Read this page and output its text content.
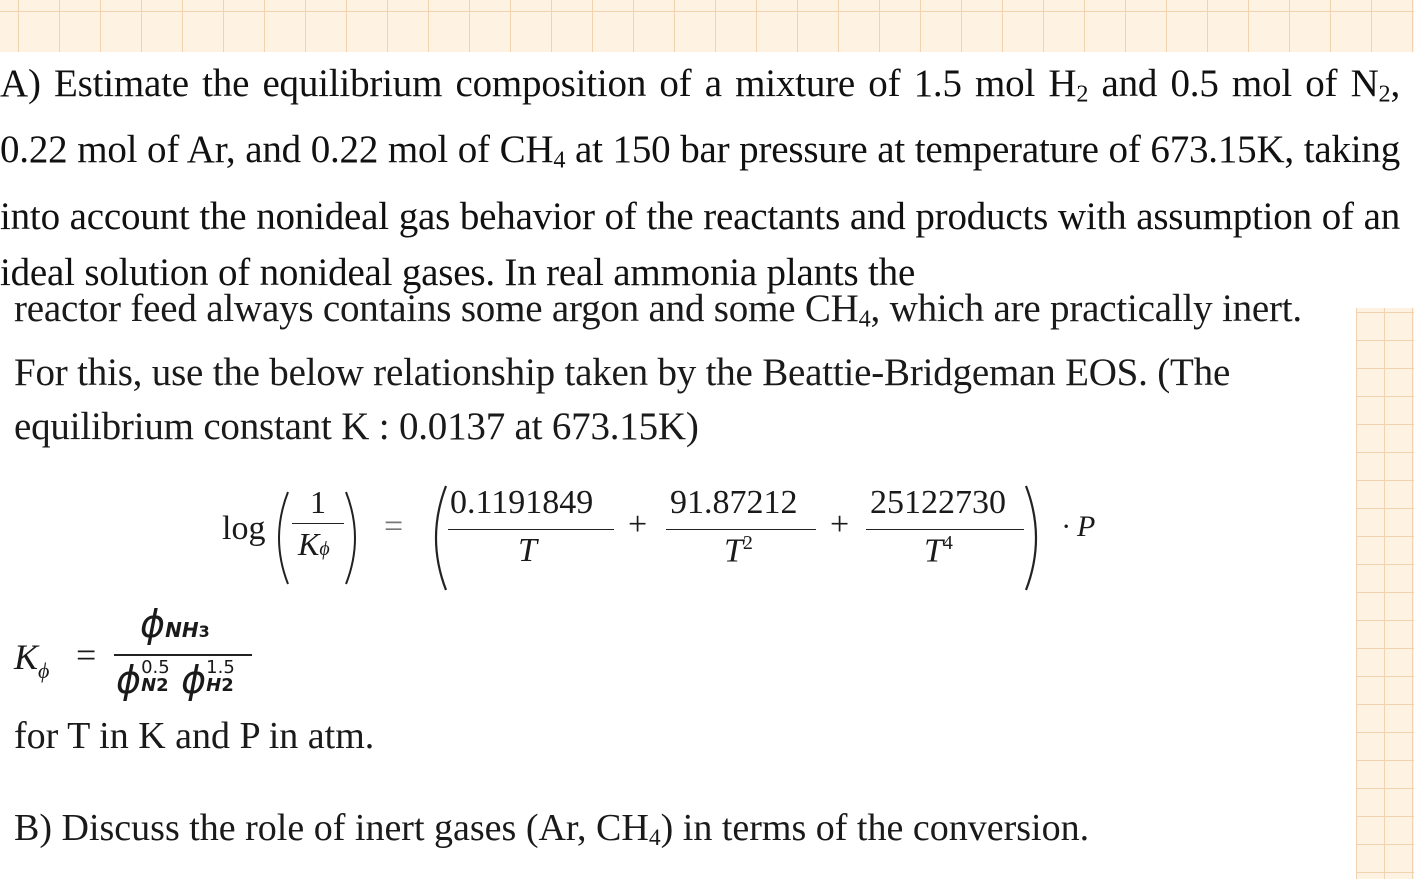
A) Estimate the equilibrium composition of a mixture of 1.5 mol $H_2$ and 0.5 mol of $N_2$, 0.22 mol of Ar, and 0.22 mol of $CH_4$ at 150 bar pressure at temperature of 673.15K, taking into account the nonideal gas behavior of the reactants and products with assumption of an ideal solution of nonideal gases. In real ammonia plants the

reactor feed always contains some argon and some $CH_4$, which are practically inert. For this, use the below relationship taken by the Beattie-Bridgeman EOS. (The equilibrium constant K : 0.0137 at 673.15K)

log
1
Kϕ
=
0.1191849
T
+
91.87212
$T^2$ +
25122730
$T^4$	· P
$K_\phi$ =
ϕNH3
ϕ 0.5
N2 ϕ 1.5
H2
for T in K and P in atm.
B) Discuss the role of inert gases (Ar, $CH_4$) in terms of the conversion.
